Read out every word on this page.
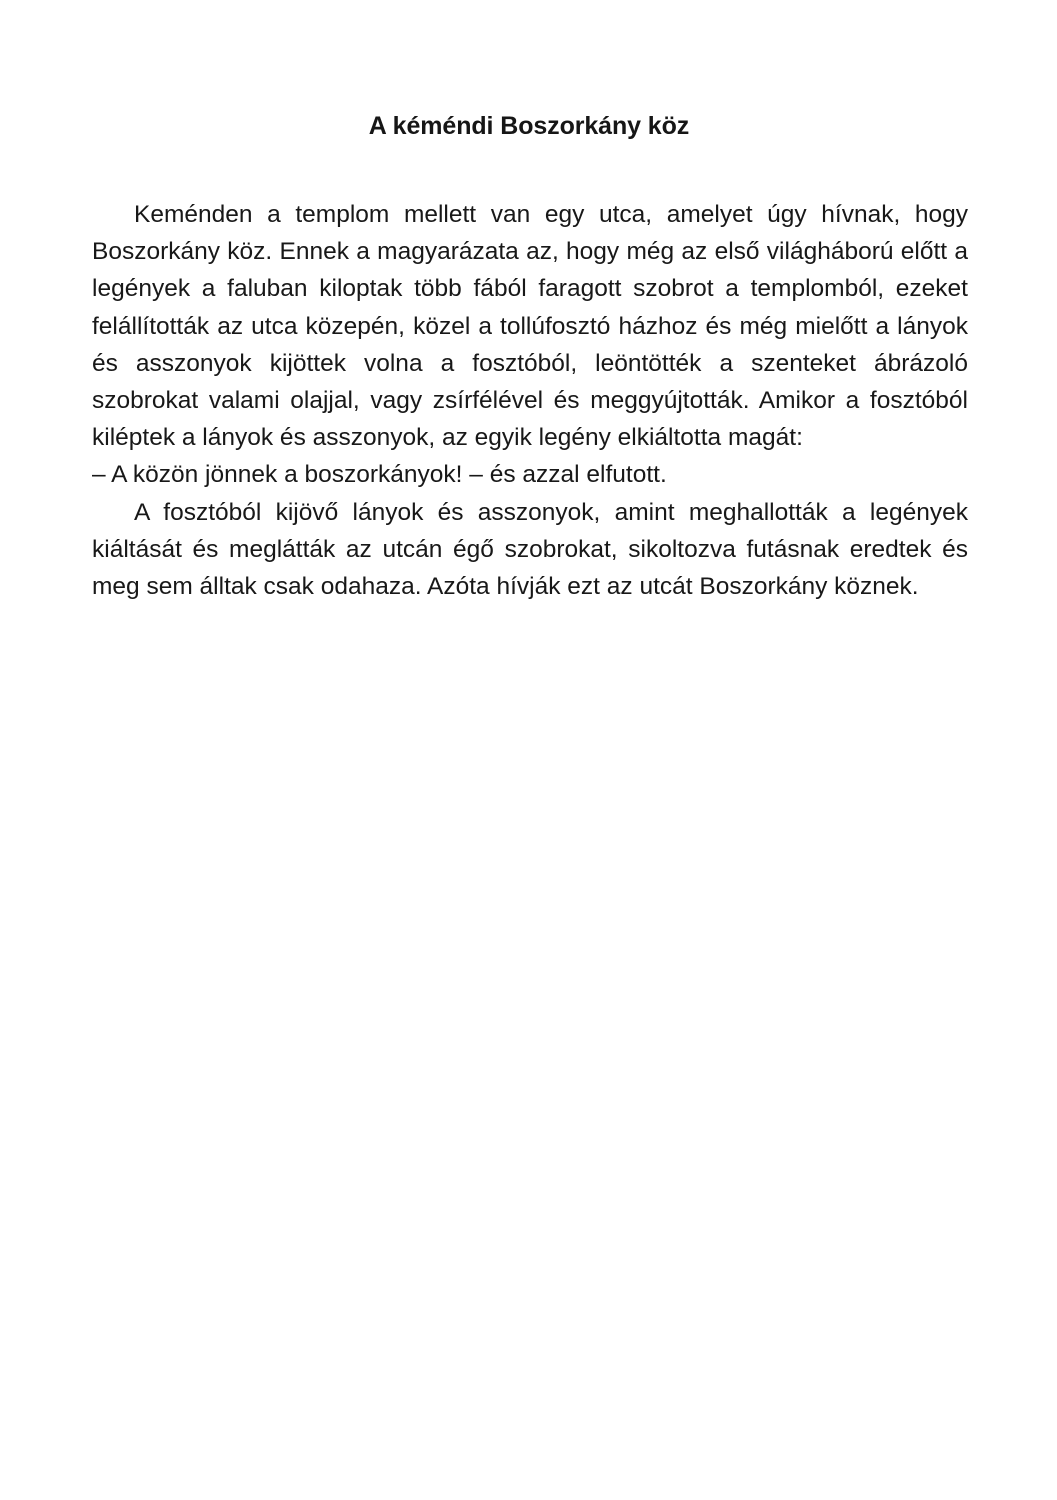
A kéméndi Boszorkány köz

Keménden a templom mellett van egy utca, amelyet úgy hívnak, hogy Boszorkány köz. Ennek a magyarázata az, hogy még az első világháború előtt a legények a faluban kiloptak több fából faragott szobrot a templomból, ezeket felállították az utca közepén, közel a tollúfosztó házhoz és még mielőtt a lányok és asszonyok kijöttek volna a fosztóból, leöntötték a szenteket ábrázoló szobrokat valami olajjal, vagy zsírfélével és meggyújtották. Amikor a fosztóból kiléptek a lányok és asszonyok, az egyik legény elkiáltotta magát:

– A közön jönnek a boszorkányok! – és azzal elfutott.

A fosztóból kijövő lányok és asszonyok, amint meghallották a legények kiáltását és meglátták az utcán égő szobrokat, sikoltozva futásnak eredtek és meg sem álltak csak odahaza. Azóta hívják ezt az utcát Boszorkány köznek.
